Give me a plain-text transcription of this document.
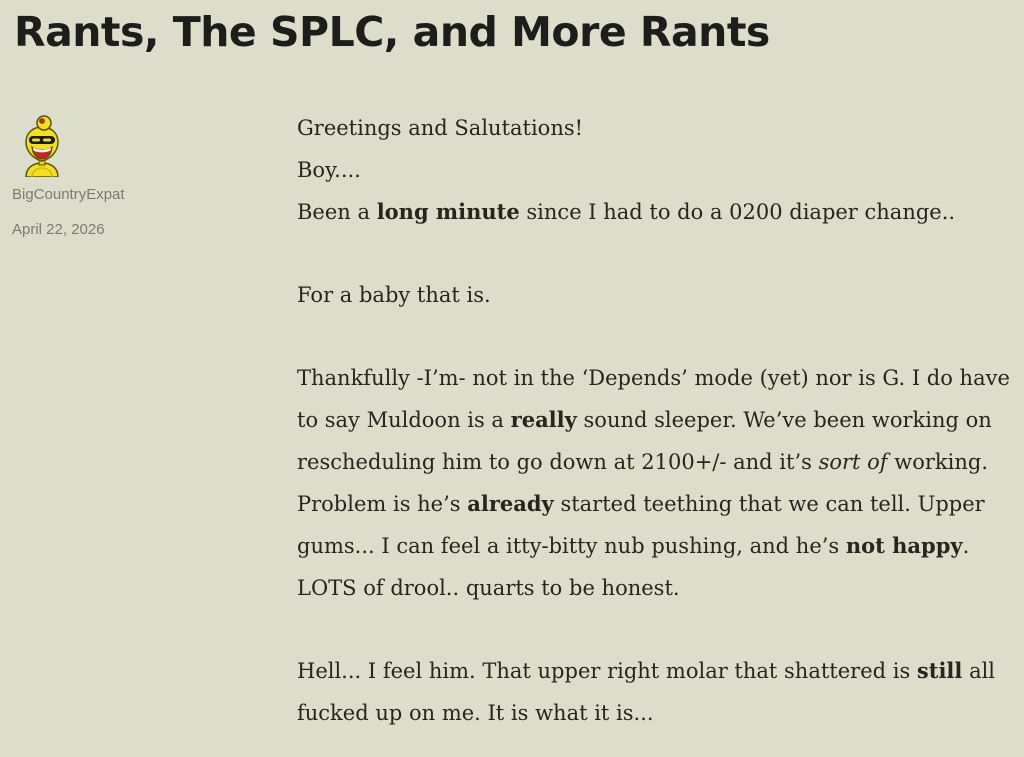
Rants, The SPLC, and More Rants
BigCountryExpat
April 22, 2026

Greetings and Salutations!
Boy....
Been a long minute since I had to do a 0200 diaper change..

For a baby that is.

Thankfully -I’m- not in the ‘Depends’ mode (yet) nor is G. I do have to say Muldoon is a really sound sleeper. We’ve been working on rescheduling him to go down at 2100+/- and it’s sort of working. Problem is he’s already started teething that we can tell. Upper gums... I can feel a itty-bitty nub pushing, and he’s not happy. LOTS of drool.. quarts to be honest.

Hell... I feel him. That upper right molar that shattered is still all fucked up on me. It is what it is...
